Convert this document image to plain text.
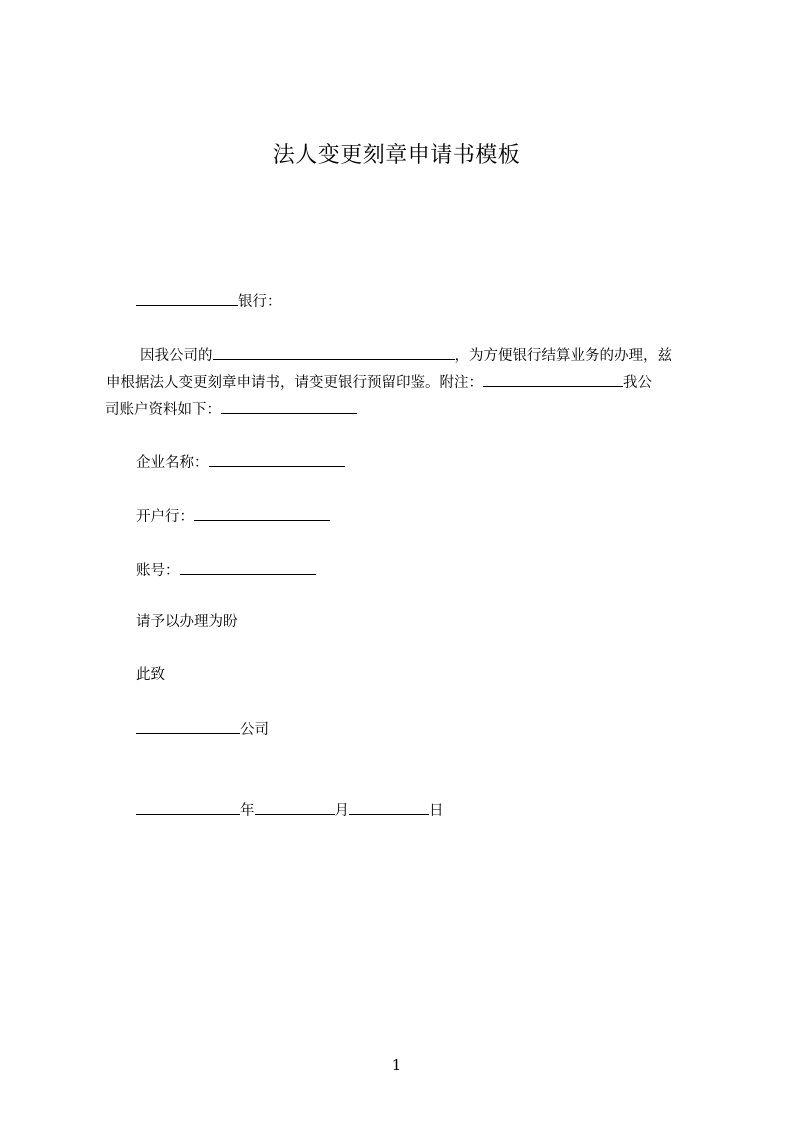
法人变更刻章申请书模板
银行：
因我公司的	，为方便银行结算业务的办理，兹
申根据法人变更刻章申请书，请变更银行预留印鉴。附注：	我公
司账户资料如下：
企业名称：
开户行：
账号：
请予以办理为盼
此致
公司
年	月	日
1
